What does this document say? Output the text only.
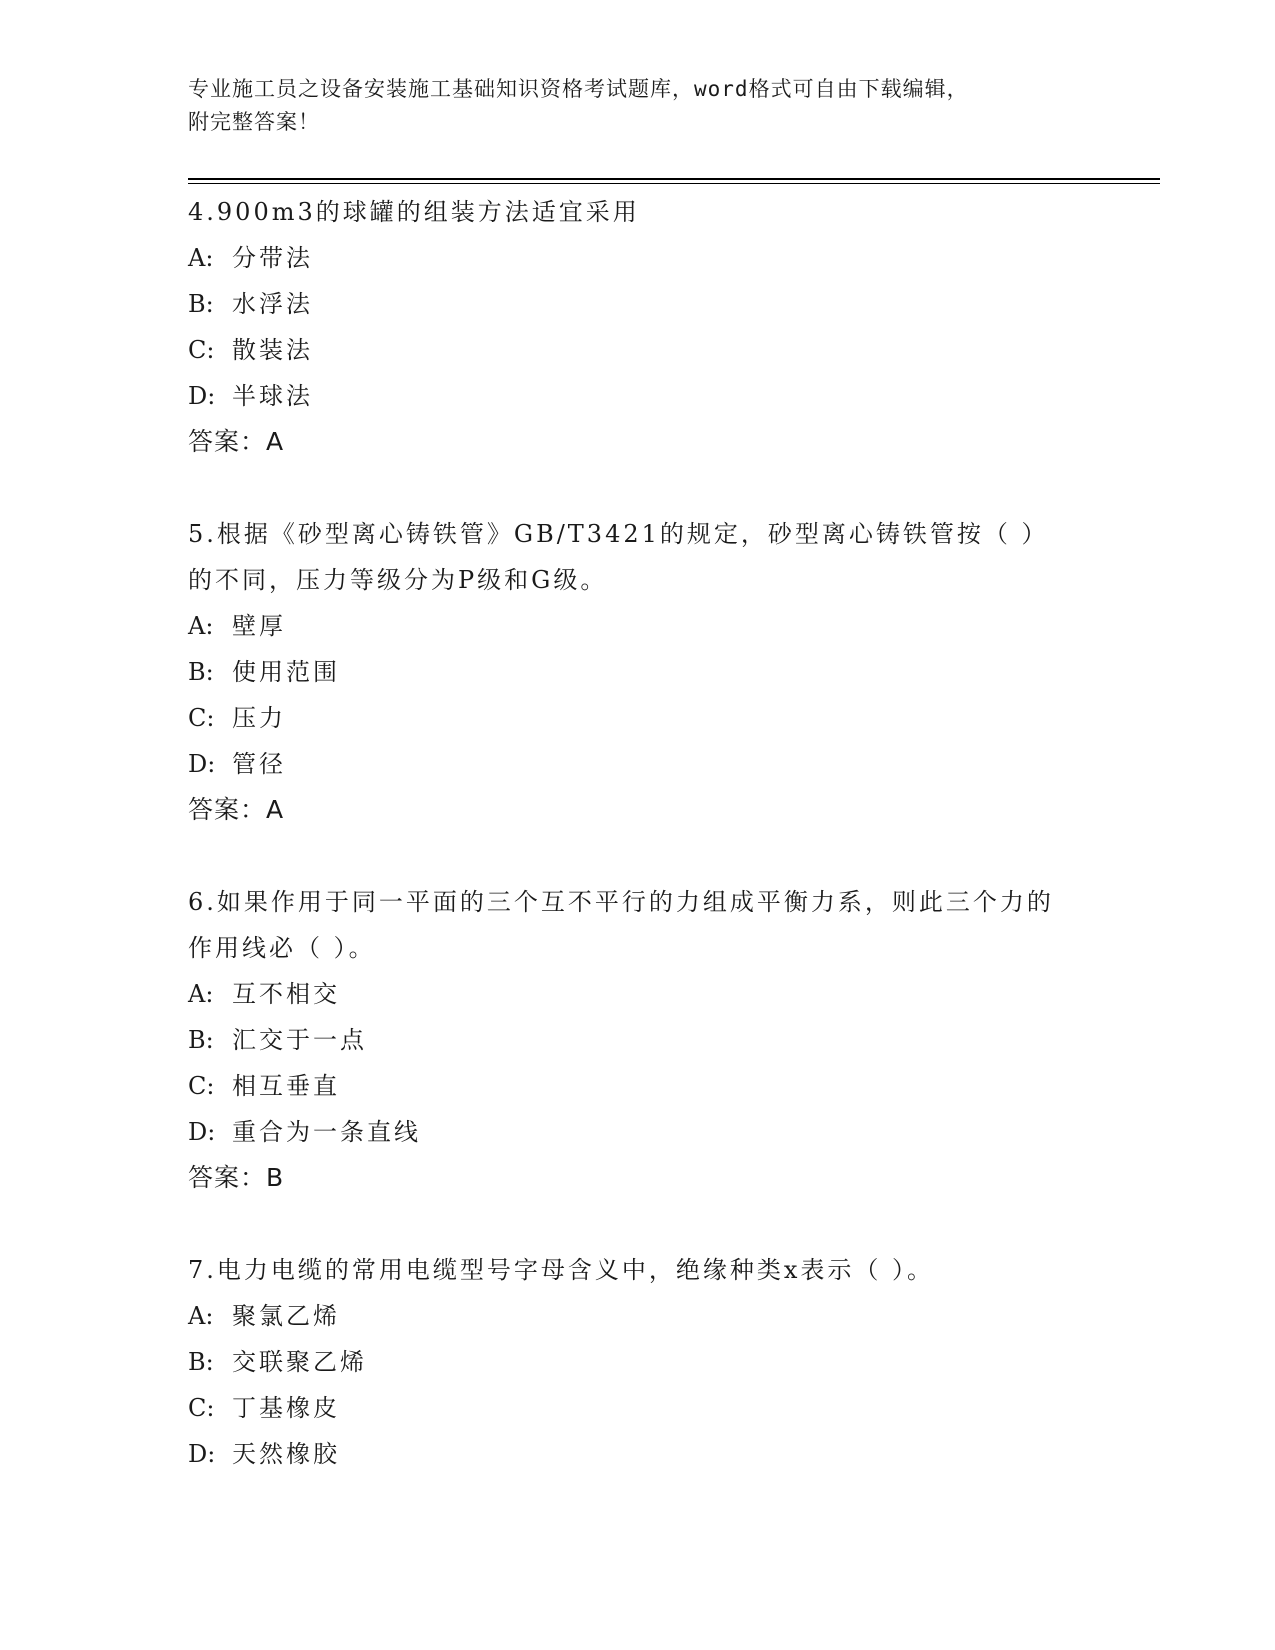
专业施工员之设备安装施工基础知识资格考试题库，word格式可自由下载编辑，
附完整答案！
4.900m3的球罐的组装方法适宜采用
A: 分带法
B: 水浮法
C: 散装法
D: 半球法
答案：A
5.根据《砂型离心铸铁管》GB/T3421的规定，砂型离心铸铁管按（ ）的不同，压力等级分为P级和G级。
A: 壁厚
B: 使用范围
C: 压力
D: 管径
答案：A
6.如果作用于同一平面的三个互不平行的力组成平衡力系，则此三个力的作用线必（ ）。
A: 互不相交
B: 汇交于一点
C: 相互垂直
D: 重合为一条直线
答案：B
7.电力电缆的常用电缆型号字母含义中，绝缘种类x表示（ ）。
A: 聚氯乙烯
B: 交联聚乙烯
C: 丁基橡皮
D: 天然橡胶
